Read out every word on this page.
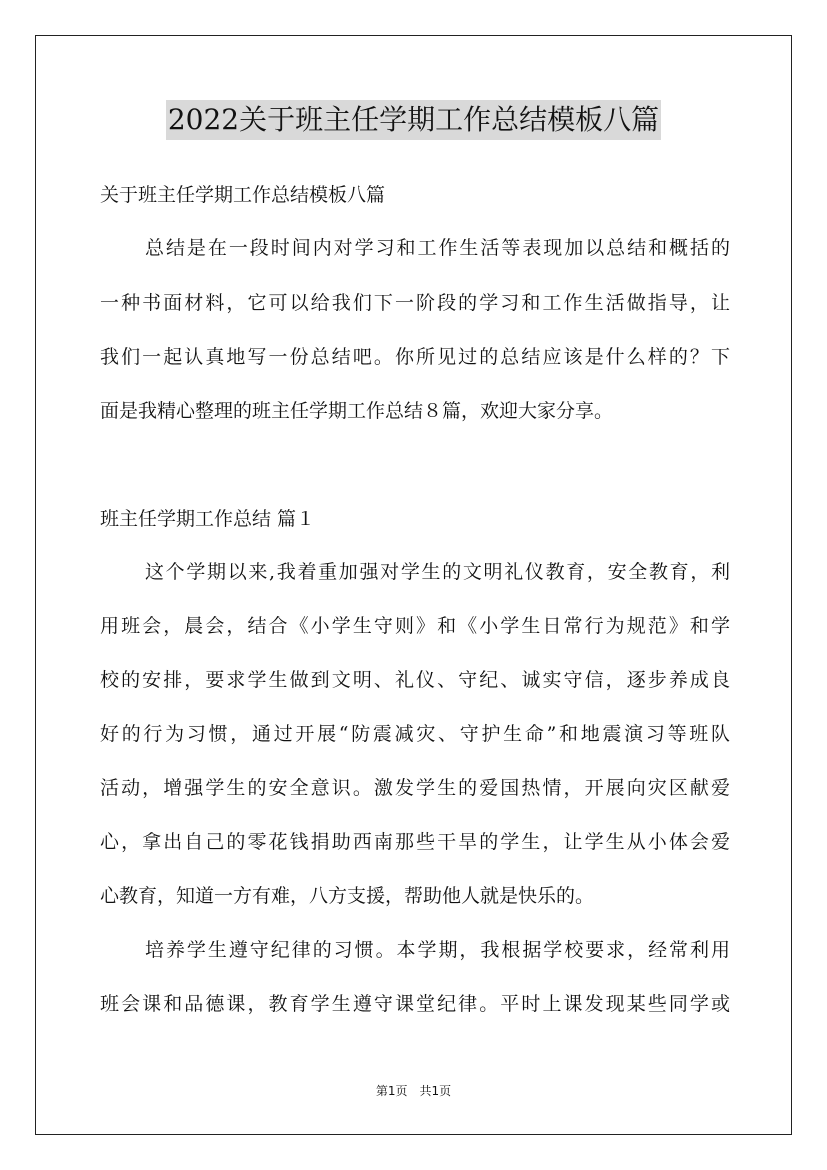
2022关于班主任学期工作总结模板八篇
关于班主任学期工作总结模板八篇
总结是在一段时间内对学习和工作生活等表现加以总结和概括的
一种书面材料，它可以给我们下一阶段的学习和工作生活做指导，让
我们一起认真地写一份总结吧。你所见过的总结应该是什么样的？下
面是我精心整理的班主任学期工作总结８篇，欢迎大家分享。
班主任学期工作总结 篇１
这个学期以来,我着重加强对学生的文明礼仪教育，安全教育，利
用班会，晨会，结合《小学生守则》和《小学生日常行为规范》和学
校的安排，要求学生做到文明、礼仪、守纪、诚实守信，逐步养成良
好的行为习惯，通过开展“防震减灾、守护生命”和地震演习等班队
活动，增强学生的安全意识。激发学生的爱国热情，开展向灾区献爱
心，拿出自己的零花钱捐助西南那些干旱的学生，让学生从小体会爱
心教育，知道一方有难，八方支援，帮助他人就是快乐的。
培养学生遵守纪律的习惯。本学期，我根据学校要求，经常利用
班会课和品德课，教育学生遵守课堂纪律。平时上课发现某些同学或
第1页　共1页
